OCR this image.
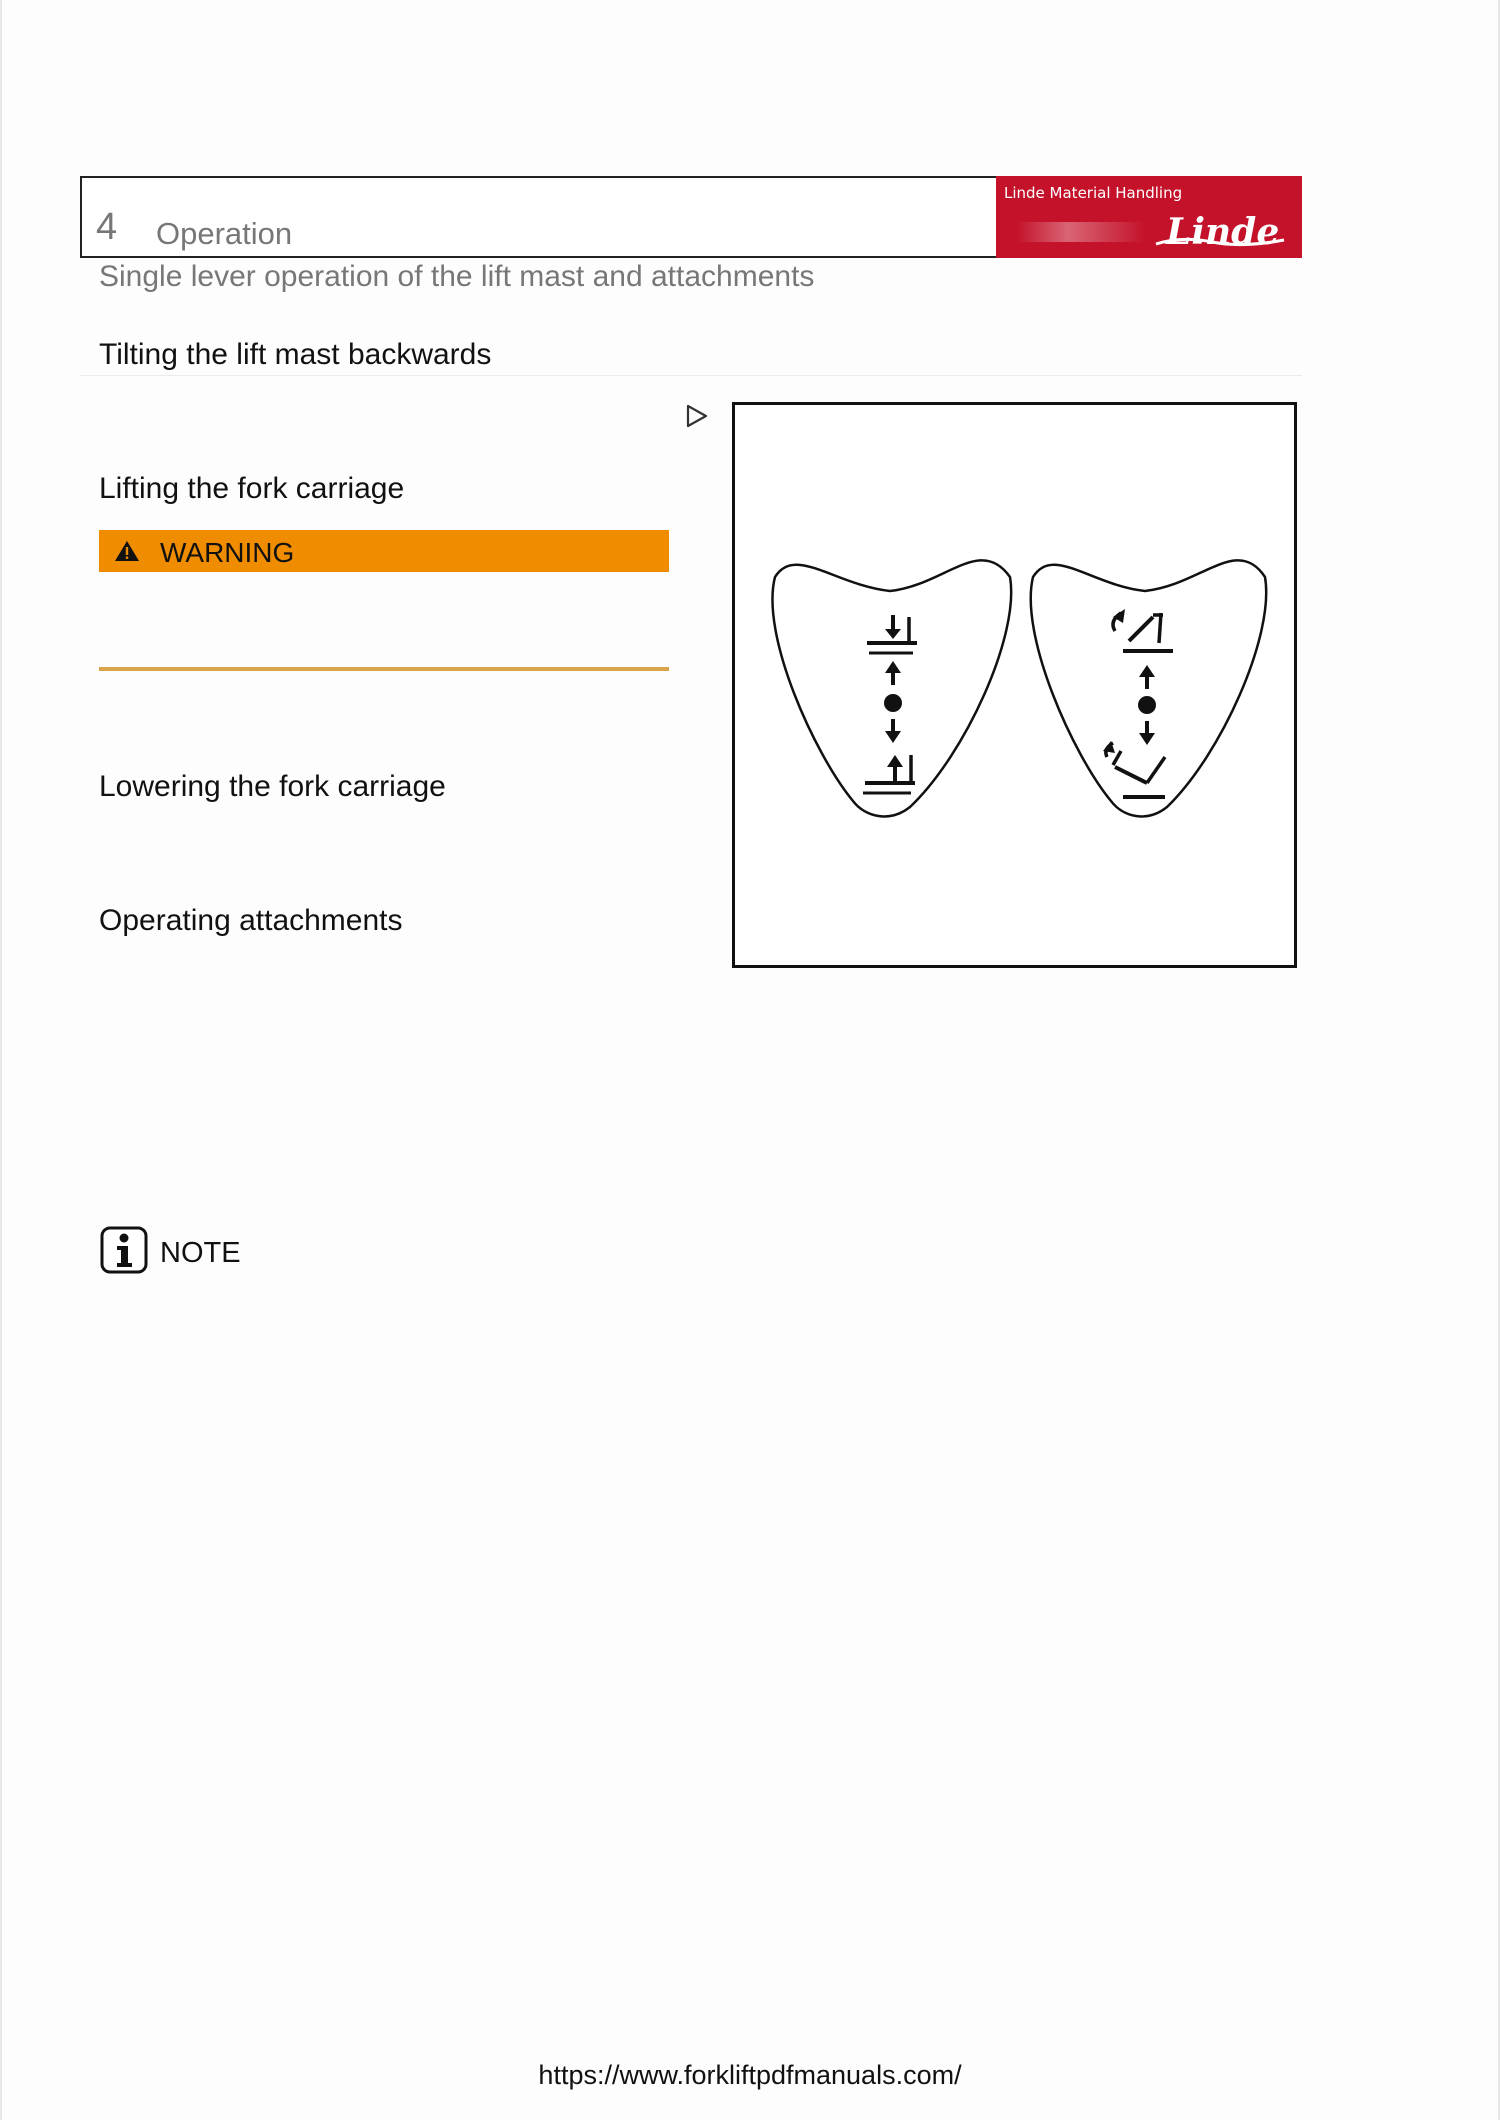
4 Operation
Linde Material Handling
Linde
Single lever operation of the lift mast and attachments
Tilting the lift mast backwards
Lifting the fork carriage
WARNING
Lowering the fork carriage
Operating attachments
NOTE
https://www.forkliftpdfmanuals.com/
